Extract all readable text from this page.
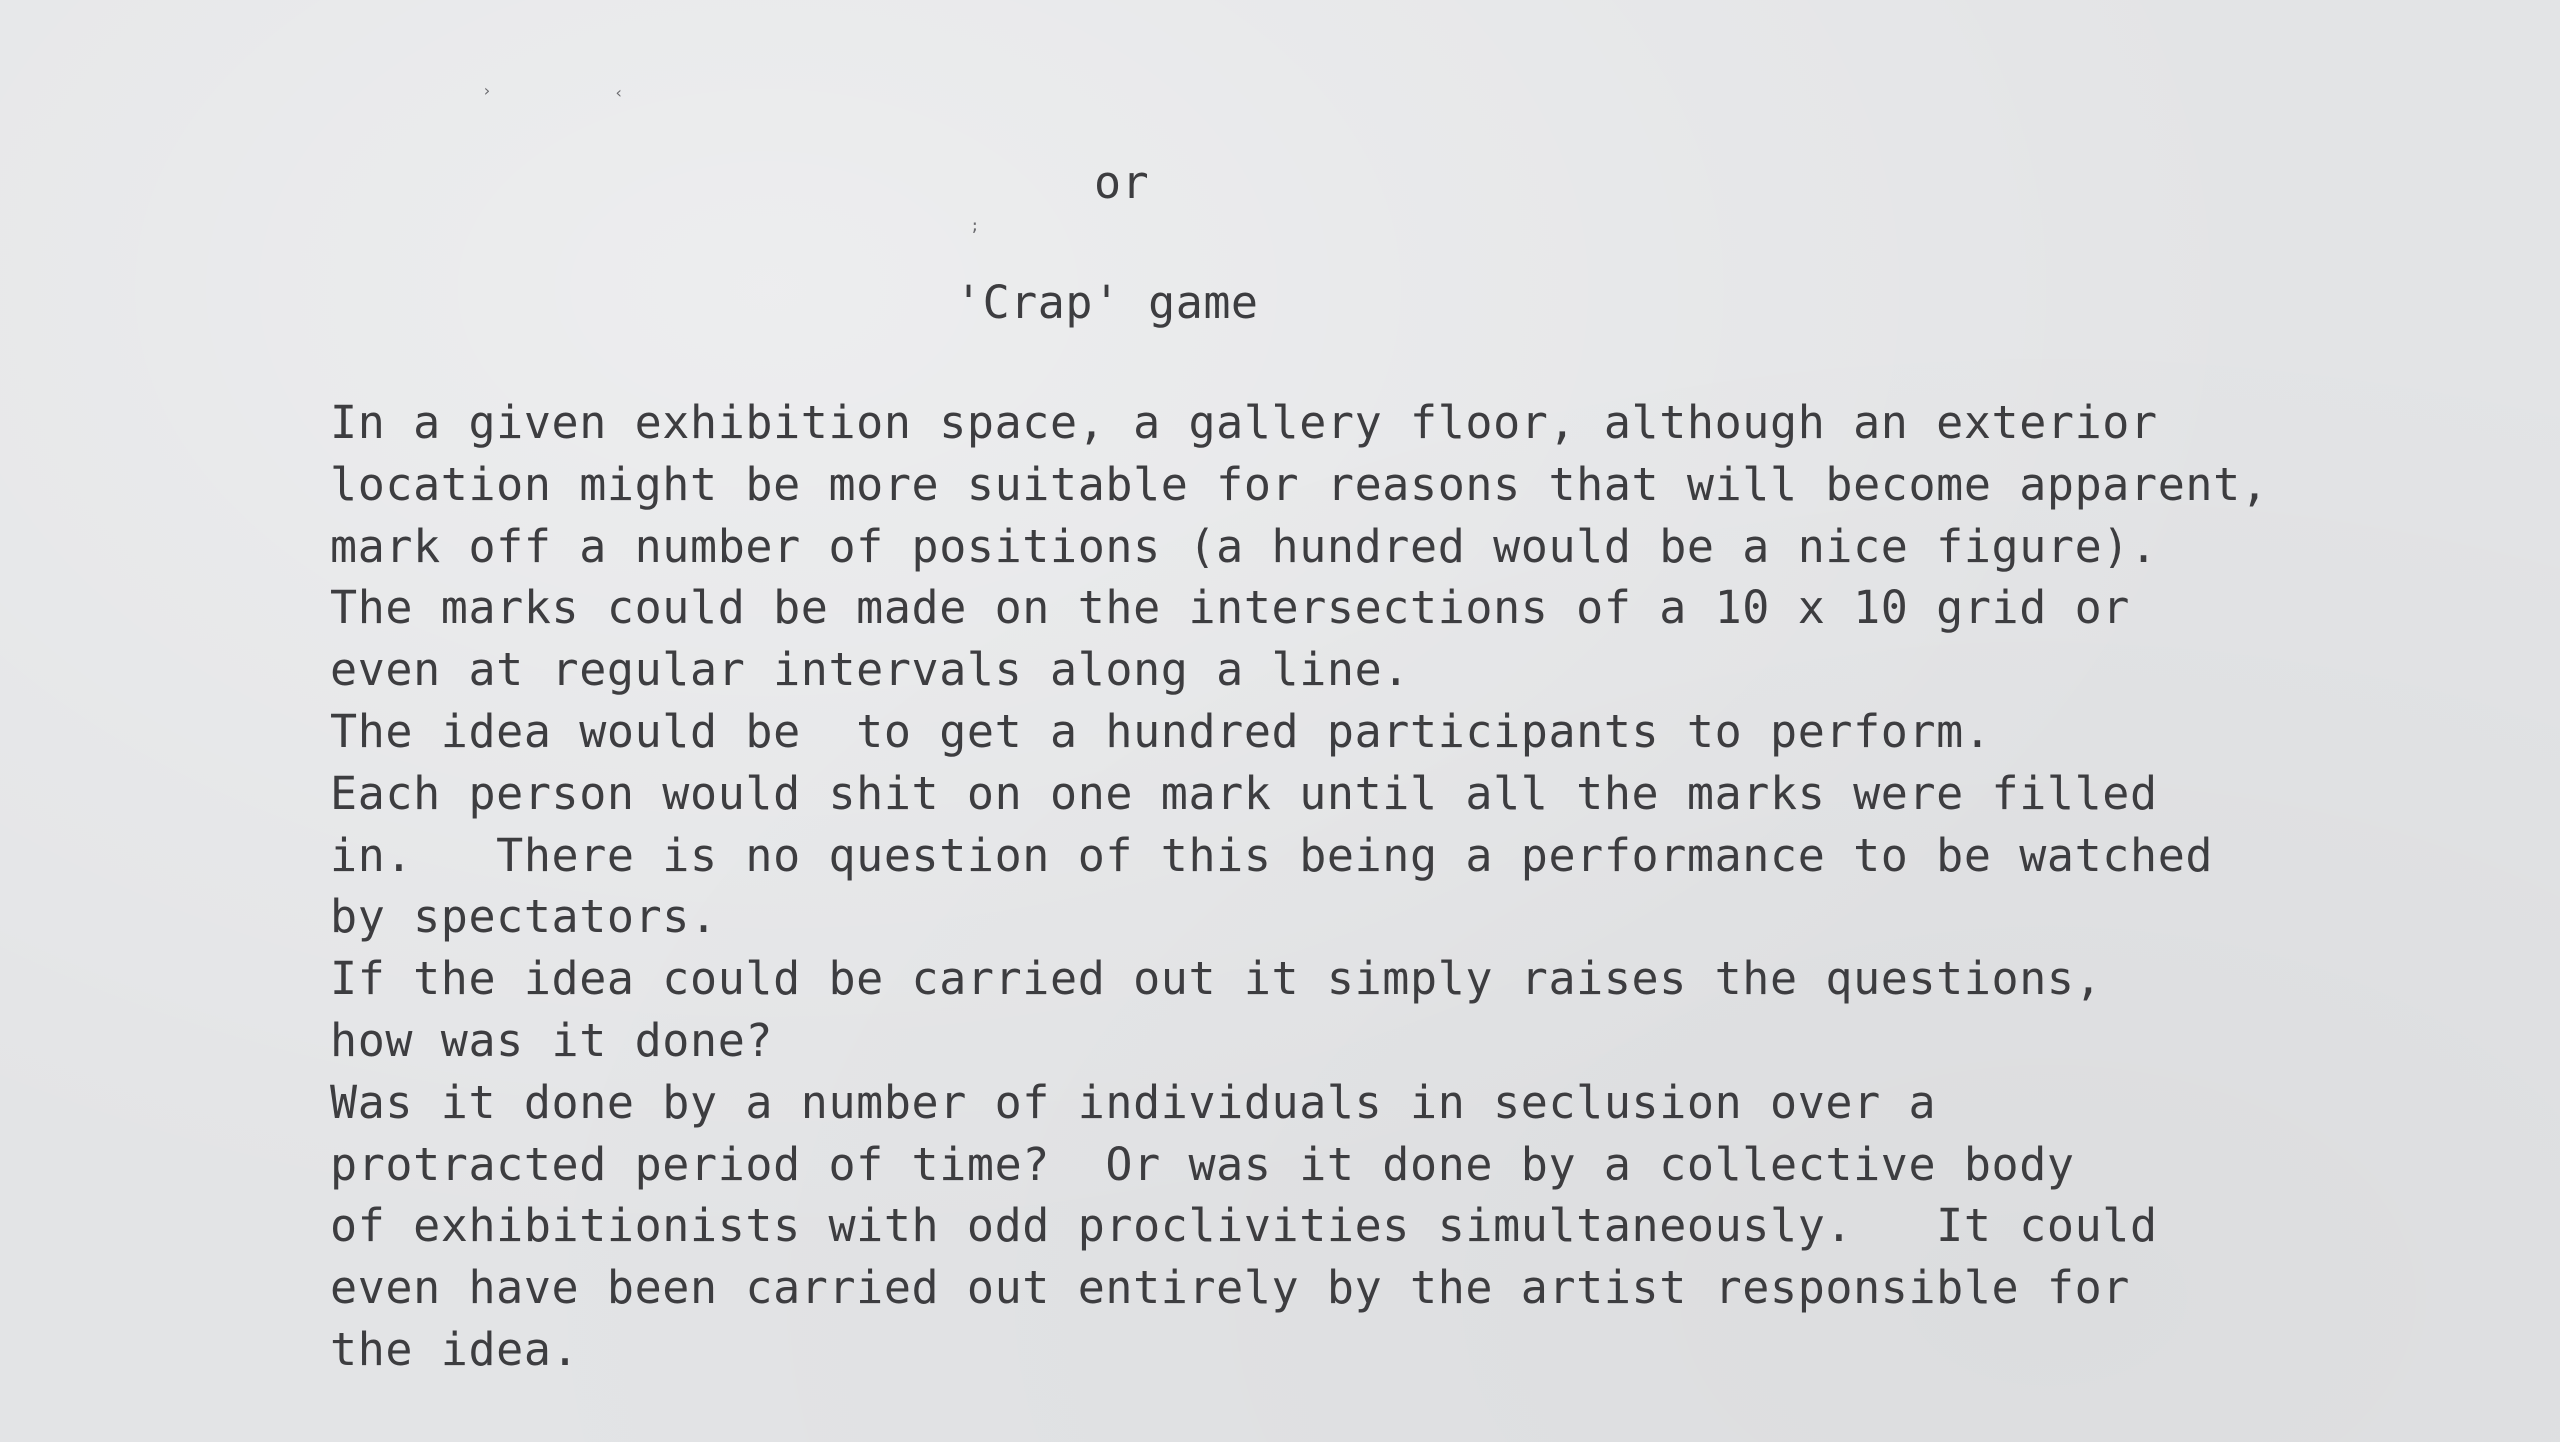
›	‹
;
or
'Crap' game
In a given exhibition space, a gallery floor, although an exterior
location might be more suitable for reasons that will become apparent,
mark off a number of positions (a hundred would be a nice figure).
The marks could be made on the intersections of a 10 x 10 grid or
even at regular intervals along a line.
The idea would be  to get a hundred participants to perform.
Each person would shit on one mark until all the marks were filled
in.   There is no question of this being a performance to be watched
by spectators.
If the idea could be carried out it simply raises the questions,
how was it done?
Was it done by a number of individuals in seclusion over a
protracted period of time?  Or was it done by a collective body
of exhibitionists with odd proclivities simultaneously.   It could
even have been carried out entirely by the artist responsible for
the idea.
